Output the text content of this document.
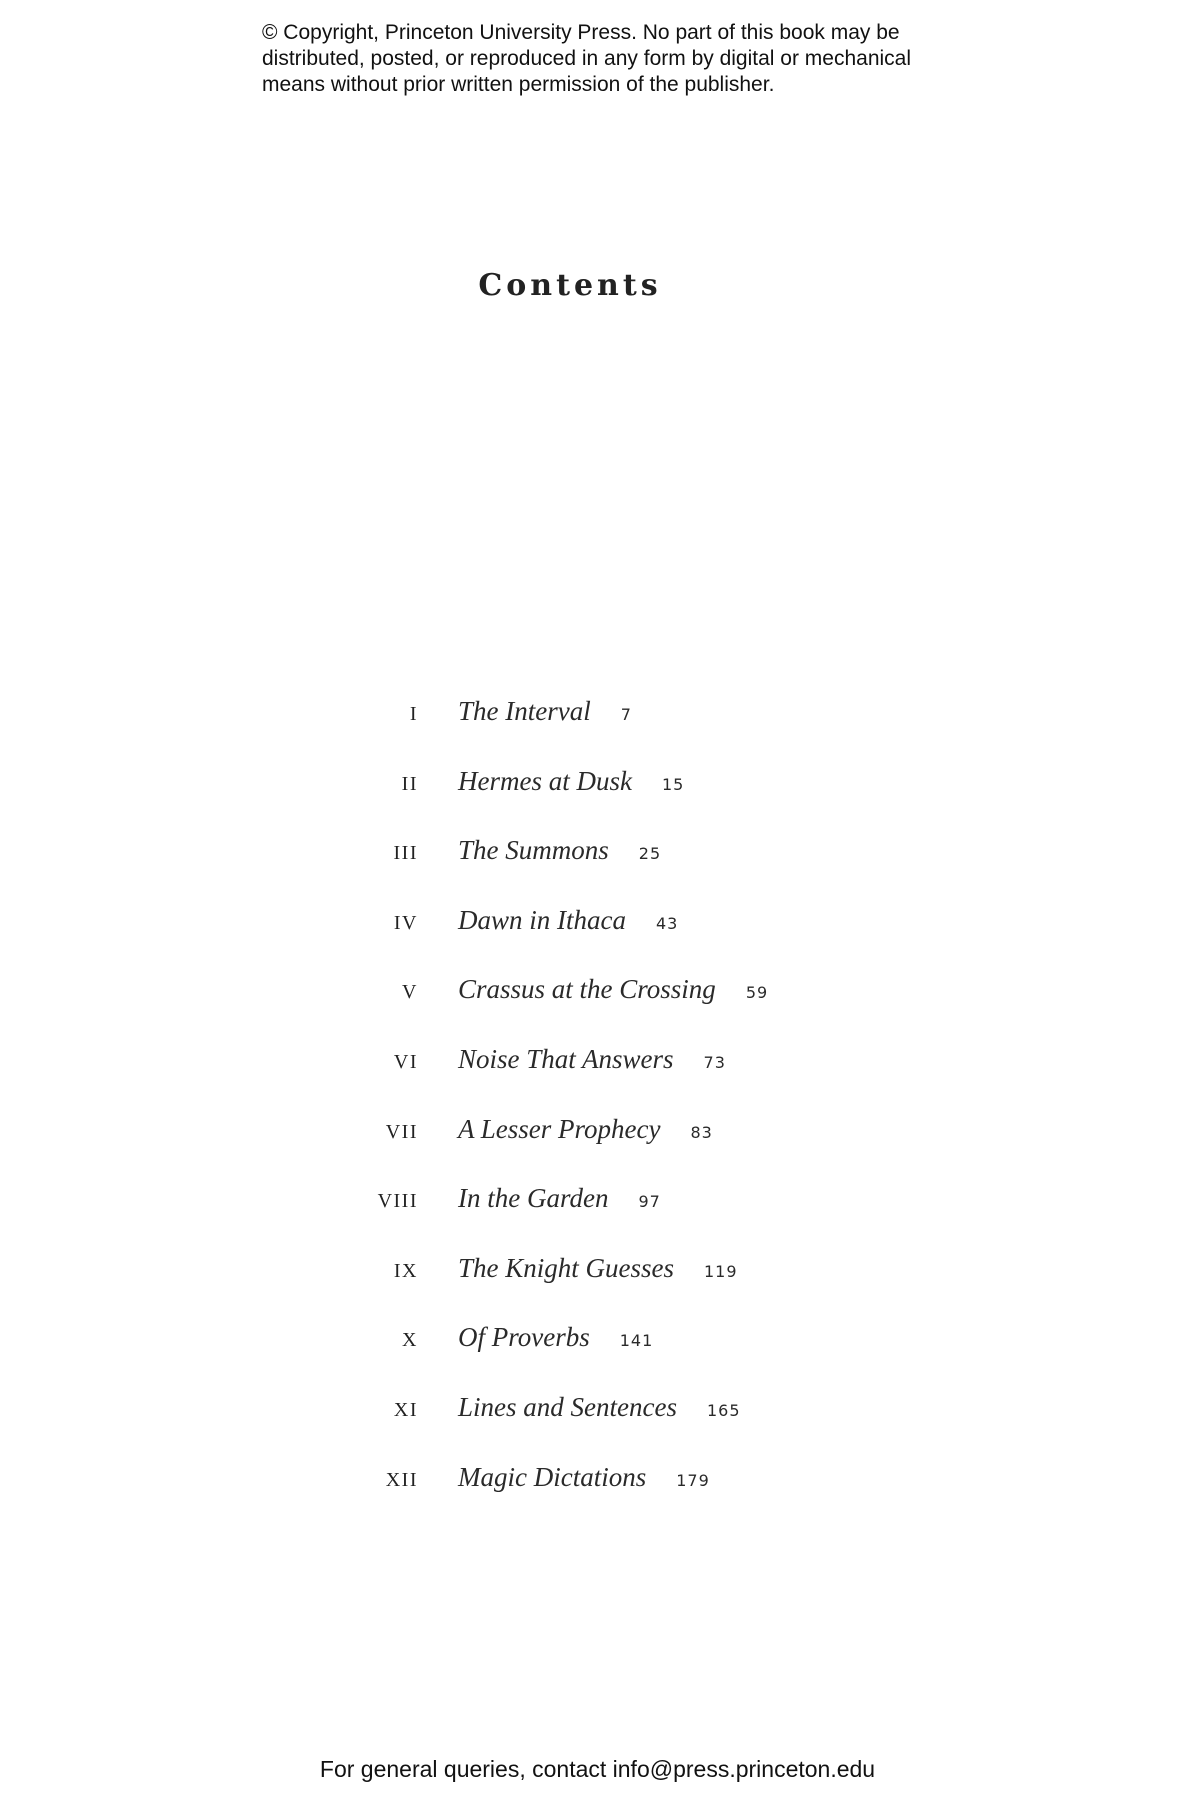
© Copyright, Princeton University Press. No part of this book may be
distributed, posted, or reproduced in any form by digital or mechanical
means without prior written permission of the publisher.
Contents
I The Interval 7
II Hermes at Dusk 15
III The Summons 25
IV Dawn in Ithaca 43
V Crassus at the Crossing 59
VI Noise That Answers 73
VII A Lesser Prophecy 83
VIII In the Garden 97
IX The Knight Guesses 119
X Of Proverbs 141
XI Lines and Sentences 165
XII Magic Dictations 179
For general queries, contact info@press.princeton.edu
